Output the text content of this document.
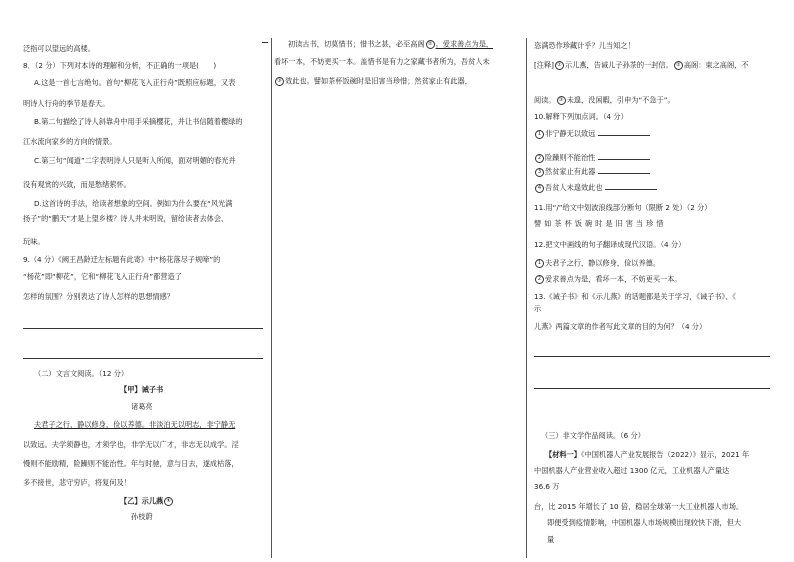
泛指可以望远的高楼。
8．（2 分）下列对本诗的理解和分析，不正确的一项是(　　)
A.这是一首七言绝句。首句“柳花飞入正行舟”既照应标题，又表
明诗人行舟的季节是春天。
B.第二句描绘了诗人斜靠舟中用手采摘樱花，并让书信随着樱绿的
江水流向家乡的方向的情景。
C.第三句“闻道”二字表明诗人只是听人所闻，面对明媚的春光并
没有观赏的兴致，而是愁绪萦怀。
D.这首诗的手法，给读者想象的空间。例如为什么要在“风光满
扬子”的“鹏天”才是上望乡楼？诗人并未明说，留给读者去体会、
玩味。
9.（4 分）《阙王昌龄迁左标题有此寄》中“杨花落尽子规啼”的
“杨花”即“柳花”，它和“柳花飞入正行舟”都营造了
怎样的氛围？分别表达了诗人怎样的思想情感？
（二）文言文阅读。（12 分）
【甲】诫子书
诸葛亮
夫君子之行，静以修身，俭以养德。非淡泊无以明志，非宁静无
以致远。夫学须静也，才须学也，非学无以广才，非志无以成学。淫
慢则不能励精，险躁则不能治性。年与时驰，意与日去，遂成枯落，
多不接世，悲守穷庐，将复何及！
【乙】示儿燕 ①
孙枝蔚
初读古书，切莫惜书；惜书之甚，必至高阁 ② 。爱求善点为是，
看坏一本，不妨更买一本。盖惜书是有力之家藏书者所为，吾贫人未
③ 效此也。譬如茶杯饭碗时是旧害当珍惜；然贫家止有此器，
恣满恐作珍藏计乎？儿当知之！
[注释] ① 示儿燕，告诫儿子孙茶的一封信。 ② 高阁：束之高阁，不
阅读。 ③ 未遑，没闲暇，引申为“不急于”。
10.解释下列加点词。（4 分）
1 非宁静无以致远
2 险躁则不能治性
3 然贫家止有此器
4 吾贫人未遑效此也
11.用“/”给文中划波浪线部分断句（限断 2 处）（2 分）
譬如茶杯饭碗时是旧害当珍惜
12.把文中画线的句子翻译成现代汉语。（4 分）
1 夫君子之行，静以修身，俭以养德。
2 爱求善点为是，看坏一本，不妨更买一本。
13.《诫子书》和《示儿燕》的话题都是关于学习，《诫子书》、《
示
儿燕》两篇文章的作者写此文章的目的为何？（4 分）
（三）非文学作品阅读。（6 分）
【材料一】《中国机器人产业发展报告（2022）》显示，2021 年
中国机器人产业营业收入超过 1300 亿元，工业机器人产量达
36.6 万
台，比 2015 年增长了 10 倍，稳居全球第一大工业机器人市场。
即便受到疫情影响，中国机器人市场规模出现较快下滑，但大
量
